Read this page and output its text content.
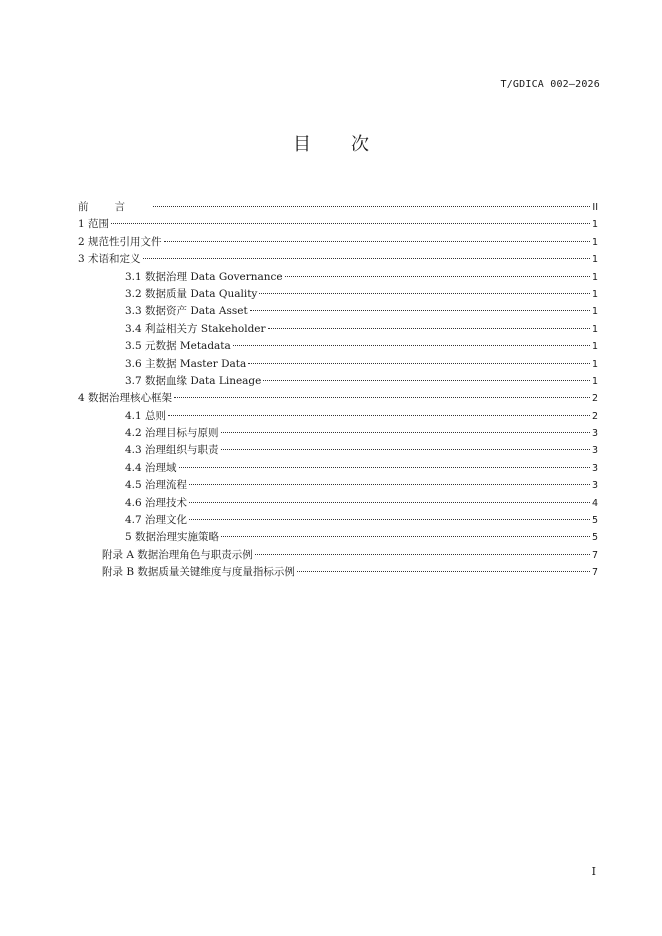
T/GDICA 002—2026
目次
前言	II
1 范围	1
2 规范性引用文件	1
3 术语和定义	1
3.1 数据治理 Data Governance	1
3.2 数据质量 Data Quality	1
3.3 数据资产 Data Asset	1
3.4 利益相关方 Stakeholder	1
3.5 元数据 Metadata	1
3.6 主数据 Master Data	1
3.7 数据血缘 Data Lineage	1
4 数据治理核心框架	2
4.1 总则	2
4.2 治理目标与原则	3
4.3 治理组织与职责	3
4.4 治理域	3
4.5 治理流程	3
4.6 治理技术	4
4.7 治理文化	5
5 数据治理实施策略	5
附录 A 数据治理角色与职责示例	7
附录 B 数据质量关键维度与度量指标示例	7
I
